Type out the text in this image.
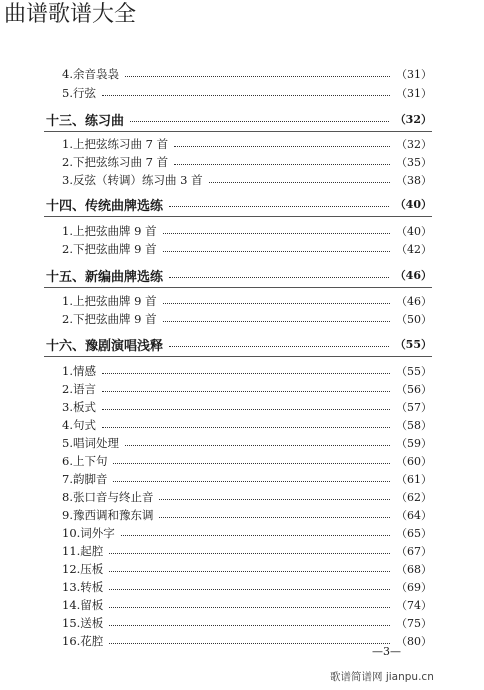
曲谱歌谱大全
4.余音袅袅	（31）
5.行弦	（31）
十三、练习曲	（32）
1.上把弦练习曲 7 首	（32）
2.下把弦练习曲 7 首	（35）
3.反弦（转调）练习曲 3 首	（38）
十四、传统曲牌选练	（40）
1.上把弦曲牌 9 首	（40）
2.下把弦曲牌 9 首	（42）
十五、新编曲牌选练	（46）
1.上把弦曲牌 9 首	（46）
2.下把弦曲牌 9 首	（50）
十六、豫剧演唱浅释	（55）
1.情感	（55）
2.语言	（56）
3.板式	（57）
4.句式	（58）
5.唱词处理	（59）
6.上下句	（60）
7.韵脚音	（61）
8.张口音与终止音	（62）
9.豫西调和豫东调	（64）
10.词外字	（65）
11.起腔	（67）
12.压板	（68）
13.转板	（69）
14.留板	（74）
15.送板	（75）
16.花腔	（80）
—3—
歌谱简谱网 jianpu.cn
